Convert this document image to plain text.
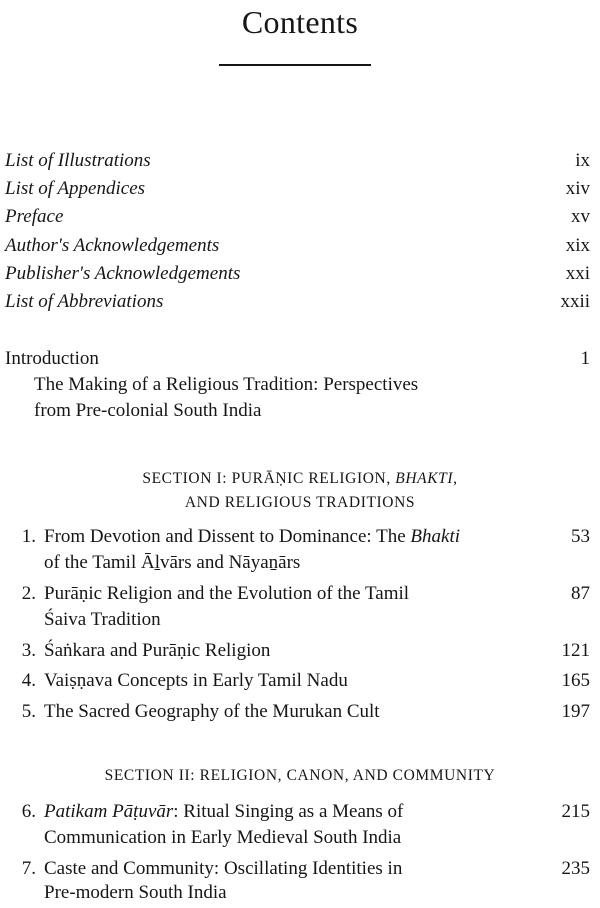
Contents
List of Illustrations	ix
List of Appendices	xiv
Preface	xv
Author's Acknowledgements	xix
Publisher's Acknowledgements	xxi
List of Abbreviations	xxii
Introduction	1
The Making of a Religious Tradition: Perspectives
from Pre-colonial South India
SECTION I: PURĀṆIC RELIGION, BHAKTI,
AND RELIGIOUS TRADITIONS
1. From Devotion and Dissent to Dominance: The Bhakti	53
of the Tamil Āḻvārs and Nāyaṉārs
2. Purāṇic Religion and the Evolution of the Tamil	87
Śaiva Tradition
3. Śaṅkara and Purāṇic Religion	121
4. Vaiṣṇava Concepts in Early Tamil Nadu	165
5. The Sacred Geography of the Murukan Cult	197
SECTION II: RELIGION, CANON, AND COMMUNITY
6. Patikam Pāṭuvār: Ritual Singing as a Means of	215
Communication in Early Medieval South India
7. Caste and Community: Oscillating Identities in	235
Pre-modern South India
